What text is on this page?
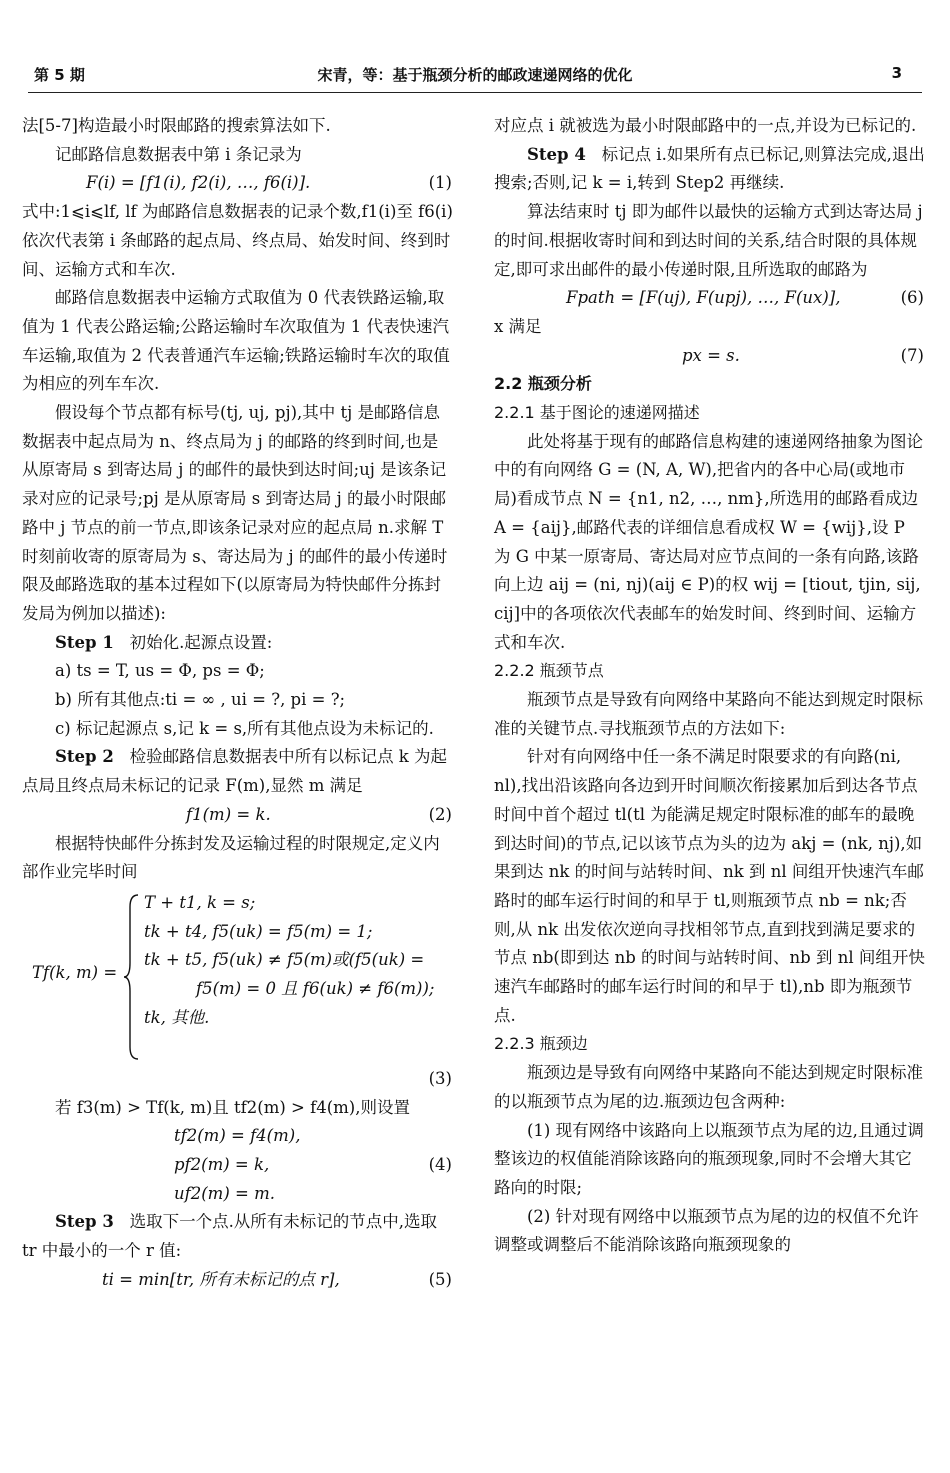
第 5 期	宋青，等：基于瓶颈分析的邮政速递网络的优化	3

法[5-7]构造最小时限邮路的搜索算法如下.

记邮路信息数据表中第 i 条记录为

F(i) = [f1(i), f2(i), …, f6(i)].	(1)

式中:1⩽i⩽lf, lf 为邮路信息数据表的记录个数,f1(i)至 f6(i)依次代表第 i 条邮路的起点局、终点局、始发时间、终到时间、运输方式和车次.

邮路信息数据表中运输方式取值为 0 代表铁路运输,取值为 1 代表公路运输;公路运输时车次取值为 1 代表快速汽车运输,取值为 2 代表普通汽车运输;铁路运输时车次的取值为相应的列车车次.

假设每个节点都有标号(tj, uj, pj),其中 tj 是邮路信息数据表中起点局为 n、终点局为 j 的邮路的终到时间,也是从原寄局 s 到寄达局 j 的邮件的最快到达时间;uj 是该条记录对应的记录号;pj 是从原寄局 s 到寄达局 j 的最小时限邮路中 j 节点的前一节点,即该条记录对应的起点局 n.求解 T 时刻前收寄的原寄局为 s、寄达局为 j 的邮件的最小传递时限及邮路选取的基本过程如下(以原寄局为特快邮件分拣封发局为例加以描述):

Step 1 初始化.起源点设置:

a) ts = T, us = Φ, ps = Φ;

b) 所有其他点:ti = ∞ , ui = ?, pi = ?;

c) 标记起源点 s,记 k = s,所有其他点设为未标记的.

Step 2 检验邮路信息数据表中所有以标记点 k 为起点局且终点局未标记的记录 F(m),显然 m 满足

f1(m) = k.	(2)

根据特快邮件分拣封发及运输过程的时限规定,定义内部作业完毕时间

Tf(k, m) =
T + t1, k = s;
tk + t4, f5(uk) = f5(m) = 1;
tk + t5, f5(uk) ≠ f5(m)或(f5(uk) =
f5(m) = 0 且 f6(uk) ≠ f6(m));
tk, 其他.
(3)

若 f3(m) > Tf(k, m)且 tf2(m) > f4(m),则设置

tf2(m) = f4(m),
pf2(m) = k,
uf2(m) = m.
(4)

Step 3 选取下一个点.从所有未标记的节点中,选取 tr 中最小的一个 r 值:

ti = min[tr, 所有未标记的点 r],	(5)

对应点 i 就被选为最小时限邮路中的一点,并设为已标记的.

Step 4 标记点 i.如果所有点已标记,则算法完成,退出搜索;否则,记 k = i,转到 Step2 再继续.

算法结束时 tj 即为邮件以最快的运输方式到达寄达局 j 的时间.根据收寄时间和到达时间的关系,结合时限的具体规定,即可求出邮件的最小传递时限,且所选取的邮路为

Fpath = [F(uj), F(upj), …, F(ux)],	(6)

x 满足

px = s.	(7)

2.2 瓶颈分析

2.2.1 基于图论的速递网描述

此处将基于现有的邮路信息构建的速递网络抽象为图论中的有向网络 G = (N, A, W),把省内的各中心局(或地市局)看成节点 N = {n1, n2, …, nm},所选用的邮路看成边 A = {aij},邮路代表的详细信息看成权 W = {wij},设 P 为 G 中某一原寄局、寄达局对应节点间的一条有向路,该路向上边 aij = (ni, nj)(aij ∈ P)的权 wij = [tiout, tjin, sij, cij]中的各项依次代表邮车的始发时间、终到时间、运输方式和车次.

2.2.2 瓶颈节点

瓶颈节点是导致有向网络中某路向不能达到规定时限标准的关键节点.寻找瓶颈节点的方法如下:

针对有向网络中任一条不满足时限要求的有向路(ni, nl),找出沿该路向各边到开时间顺次衔接累加后到达各节点时间中首个超过 tl(tl 为能满足规定时限标准的邮车的最晚到达时间)的节点,记以该节点为头的边为 akj = (nk, nj),如果到达 nk 的时间与站转时间、nk 到 nl 间组开快速汽车邮路时的邮车运行时间的和早于 tl,则瓶颈节点 nb = nk;否则,从 nk 出发依次逆向寻找相邻节点,直到找到满足要求的节点 nb(即到达 nb 的时间与站转时间、nb 到 nl 间组开快速汽车邮路时的邮车运行时间的和早于 tl),nb 即为瓶颈节点.

2.2.3 瓶颈边

瓶颈边是导致有向网络中某路向不能达到规定时限标准的以瓶颈节点为尾的边.瓶颈边包含两种:

(1) 现有网络中该路向上以瓶颈节点为尾的边,且通过调整该边的权值能消除该路向的瓶颈现象,同时不会增大其它路向的时限;

(2) 针对现有网络中以瓶颈节点为尾的边的权值不允许调整或调整后不能消除该路向瓶颈现象的
